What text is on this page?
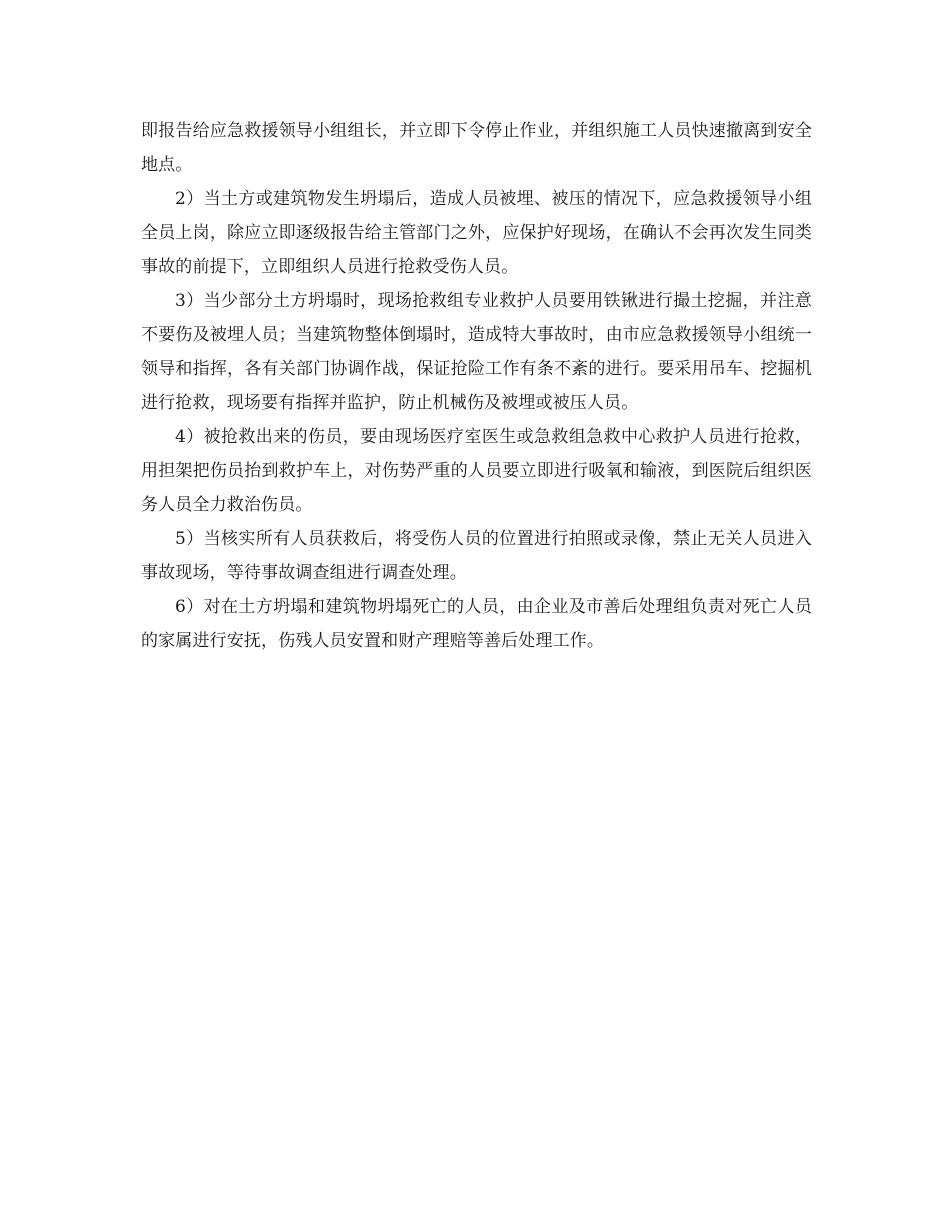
即报告给应急救援领导小组组长，并立即下令停止作业，并组织施工人员快速撤离到安全地点。

2）当土方或建筑物发生坍塌后，造成人员被埋、被压的情况下，应急救援领导小组全员上岗，除应立即逐级报告给主管部门之外，应保护好现场，在确认不会再次发生同类事故的前提下，立即组织人员进行抢救受伤人员。

3）当少部分土方坍塌时，现场抢救组专业救护人员要用铁锹进行撮土挖掘，并注意不要伤及被埋人员；当建筑物整体倒塌时，造成特大事故时，由市应急救援领导小组统一领导和指挥，各有关部门协调作战，保证抢险工作有条不紊的进行。要采用吊车、挖掘机进行抢救，现场要有指挥并监护，防止机械伤及被埋或被压人员。

4）被抢救出来的伤员，要由现场医疗室医生或急救组急救中心救护人员进行抢救，用担架把伤员抬到救护车上，对伤势严重的人员要立即进行吸氧和输液，到医院后组织医务人员全力救治伤员。

5）当核实所有人员获救后，将受伤人员的位置进行拍照或录像，禁止无关人员进入事故现场，等待事故调查组进行调查处理。

6）对在土方坍塌和建筑物坍塌死亡的人员，由企业及市善后处理组负责对死亡人员的家属进行安抚，伤残人员安置和财产理赔等善后处理工作。
